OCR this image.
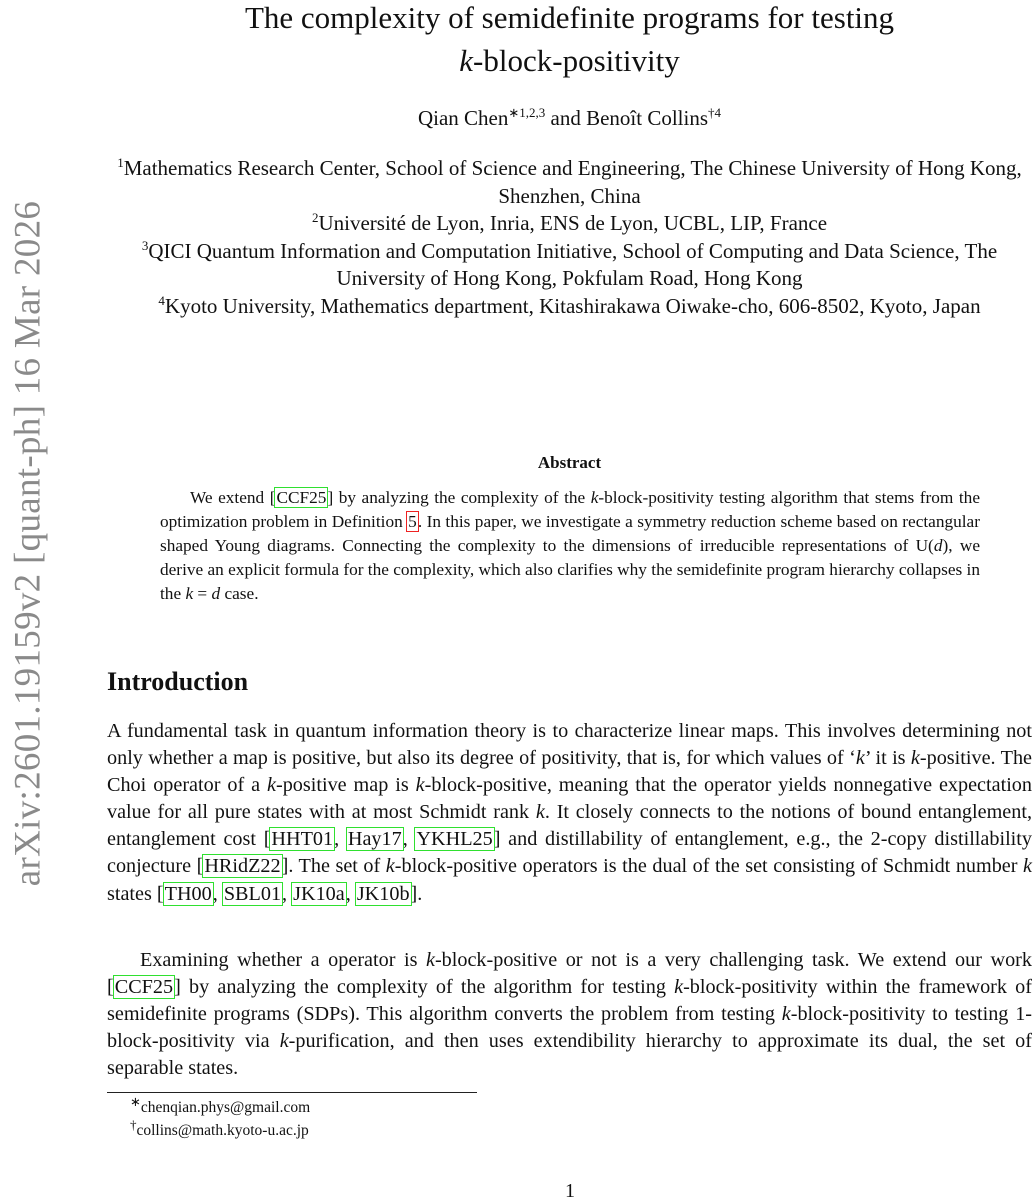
arXiv:2601.19159v2 [quant-ph] 16 Mar 2026
The complexity of semidefinite programs for testing
k-block-positivity
Qian Chen$^{∗1,2,3}$ and Benoît Collins$^{\dagger 4}$
$^1$Mathematics Research Center, School of Science and Engineering, The Chinese University of Hong Kong, Shenzhen, China
$^2$Université de Lyon, Inria, ENS de Lyon, UCBL, LIP, France
$^3$QICI Quantum Information and Computation Initiative, School of Computing and Data Science, The University of Hong Kong, Pokfulam Road, Hong Kong
$^4$Kyoto University, Mathematics department, Kitashirakawa Oiwake-cho, 606-8502, Kyoto, Japan
Abstract
We extend [CCF25] by analyzing the complexity of the k-block-positivity testing algorithm that stems from the optimization problem in Definition 5. In this paper, we investigate a symmetry reduction scheme based on rectangular shaped Young diagrams. Connecting the complexity to the dimensions of irreducible representations of U(d), we derive an explicit formula for the complexity, which also clarifies why the semidefinite program hierarchy collapses in the k = d case.
Introduction
A fundamental task in quantum information theory is to characterize linear maps. This involves determining not only whether a map is positive, but also its degree of positivity, that is, for which values of ‘k’ it is k-positive. The Choi operator of a k-positive map is k-block-positive, meaning that the operator yields nonnegative expectation value for all pure states with at most Schmidt rank k. It closely connects to the notions of bound entanglement, entanglement cost [HHT01, Hay17, YKHL25] and distillability of entanglement, e.g., the 2-copy distillability conjecture [HRidZ22]. The set of k-block-positive operators is the dual of the set consisting of Schmidt number k states [TH00, SBL01, JK10a, JK10b].
Examining whether a operator is k-block-positive or not is a very challenging task. We extend our work [CCF25] by analyzing the complexity of the algorithm for testing k-block-positivity within the framework of semidefinite programs (SDPs). This algorithm converts the problem from testing k-block-positivity to testing 1-block-positivity via k-purification, and then uses extendibility hierarchy to approximate its dual, the set of separable states.
∗chenqian.phys@gmail.com
†collins@math.kyoto-u.ac.jp
1
